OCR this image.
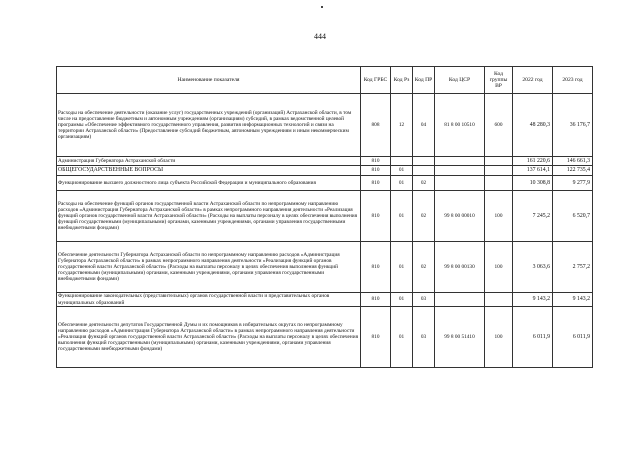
444
Наименование показателя	Код ГРБС	Код Рз	Код ПР	Код ЦСР	Код группы ВР	2022 год	2023 год
Расходы на обеспечение деятельности (оказание услуг) государственных учреждений (организаций) Астраханской области, в том числе на предоставление бюджетным и автономным учреждениям (организациям) субсидий, в рамках ведомственной целевой программы «Обеспечение эффективного государственного управления, развития информационных технологий и связи на территории Астраханской области» (Предоставление субсидий бюджетным, автономным учреждениям и иным некоммерческим организациям)	808	12	04	81 8 00 10510	600	48 280,3	36 176,7
Администрация Губернатора Астраханской области	810					161 220,6	146 661,3
ОБЩЕГОСУДАРСТВЕННЫЕ ВОПРОСЫ	810	01				137 614,1	122 735,4
Функционирование высшего должностного лица субъекта Российской Федерации и муниципального образования	810	01	02			10 308,8	9 277,9
Расходы на обеспечение функций органов государственной власти Астраханской области по непрограммному направлению расходов «Администрация Губернатора Астраханской области» в рамках непрограммного направления деятельности «Реализация функций органов государственной власти Астраханской области» (Расходы на выплаты персоналу в целях обеспечения выполнения функций государственными (муниципальными) органами, казенными учреждениями, органами управления государственными внебюджетными фондами)	810	01	02	99 8 00 00010	100	7 245,2	6 520,7
Обеспечение деятельности Губернатора Астраханской области по непрограммному направлению расходов «Администрация Губернатора Астраханской области» в рамках непрограммного направления деятельности «Реализация функций органов государственной власти Астраханской области» (Расходы на выплаты персоналу в целях обеспечения выполнения функций государственными (муниципальными) органами, казенными учреждениями, органами управления государственными внебюджетными фондами)	810	01	02	99 8 00 00130	100	3 063,6	2 757,2
Функционирование законодательных (представительных) органов государственной власти и представительных органов муниципальных образований	810	01	03			9 143,2	9 143,2
Обеспечение деятельности депутатов Государственной Думы и их помощников в избирательных округах по непрограммному направлению расходов «Администрация Губернатора Астраханской области» в рамках непрограммного направления деятельности «Реализация функций органов государственной власти Астраханской области» (Расходы на выплаты персоналу в целях обеспечения выполнения функций государственными (муниципальными) органами, казенными учреждениями, органами управления государственными внебюджетными фондами)	810	01	03	99 8 00 51410	100	6 011,9	6 011,9
